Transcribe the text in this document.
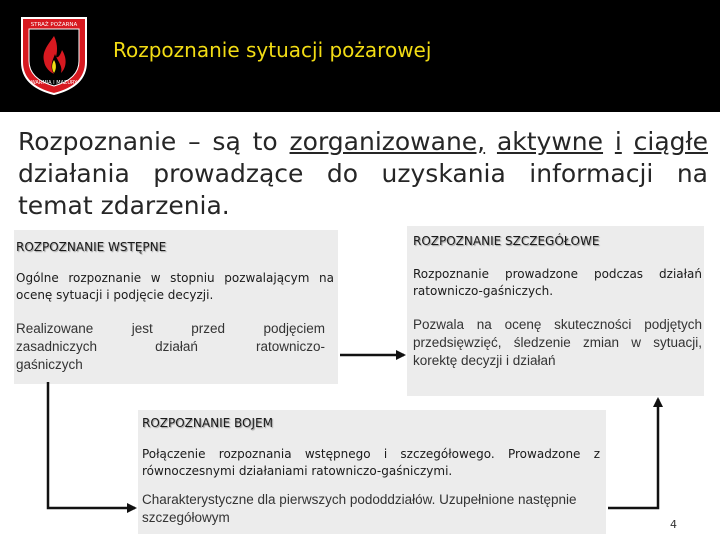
STRAŻ POŻARNA
WARMIA I MAZURY
Rozpoznanie sytuacji pożarowej
Rozpoznanie – są to zorganizowane, aktywne i ciągłe działania prowadzące do uzyskania informacji na temat zdarzenia.
ROZPOZNANIE WSTĘPNE
Ogólne rozpoznanie w stopniu pozwalającym na ocenę sytuacji i podjęcie decyzji.
Realizowane jest przed podjęciem
zasadniczych działań ratowniczo-
gaśniczych
ROZPOZNANIE SZCZEGÓŁOWE
Rozpoznanie prowadzone podczas działań ratowniczo-gaśniczych.
Pozwala na ocenę skuteczności podjętych przedsięwzięć, śledzenie zmian w sytuacji, korektę decyzji i działań
ROZPOZNANIE BOJEM
Połączenie rozpoznania wstępnego i szczegółowego. Prowadzone z równoczesnymi działaniami ratowniczo-gaśniczymi.
Charakterystyczne dla pierwszych pododdziałów. Uzupełnione następnie szczegółowym	4
